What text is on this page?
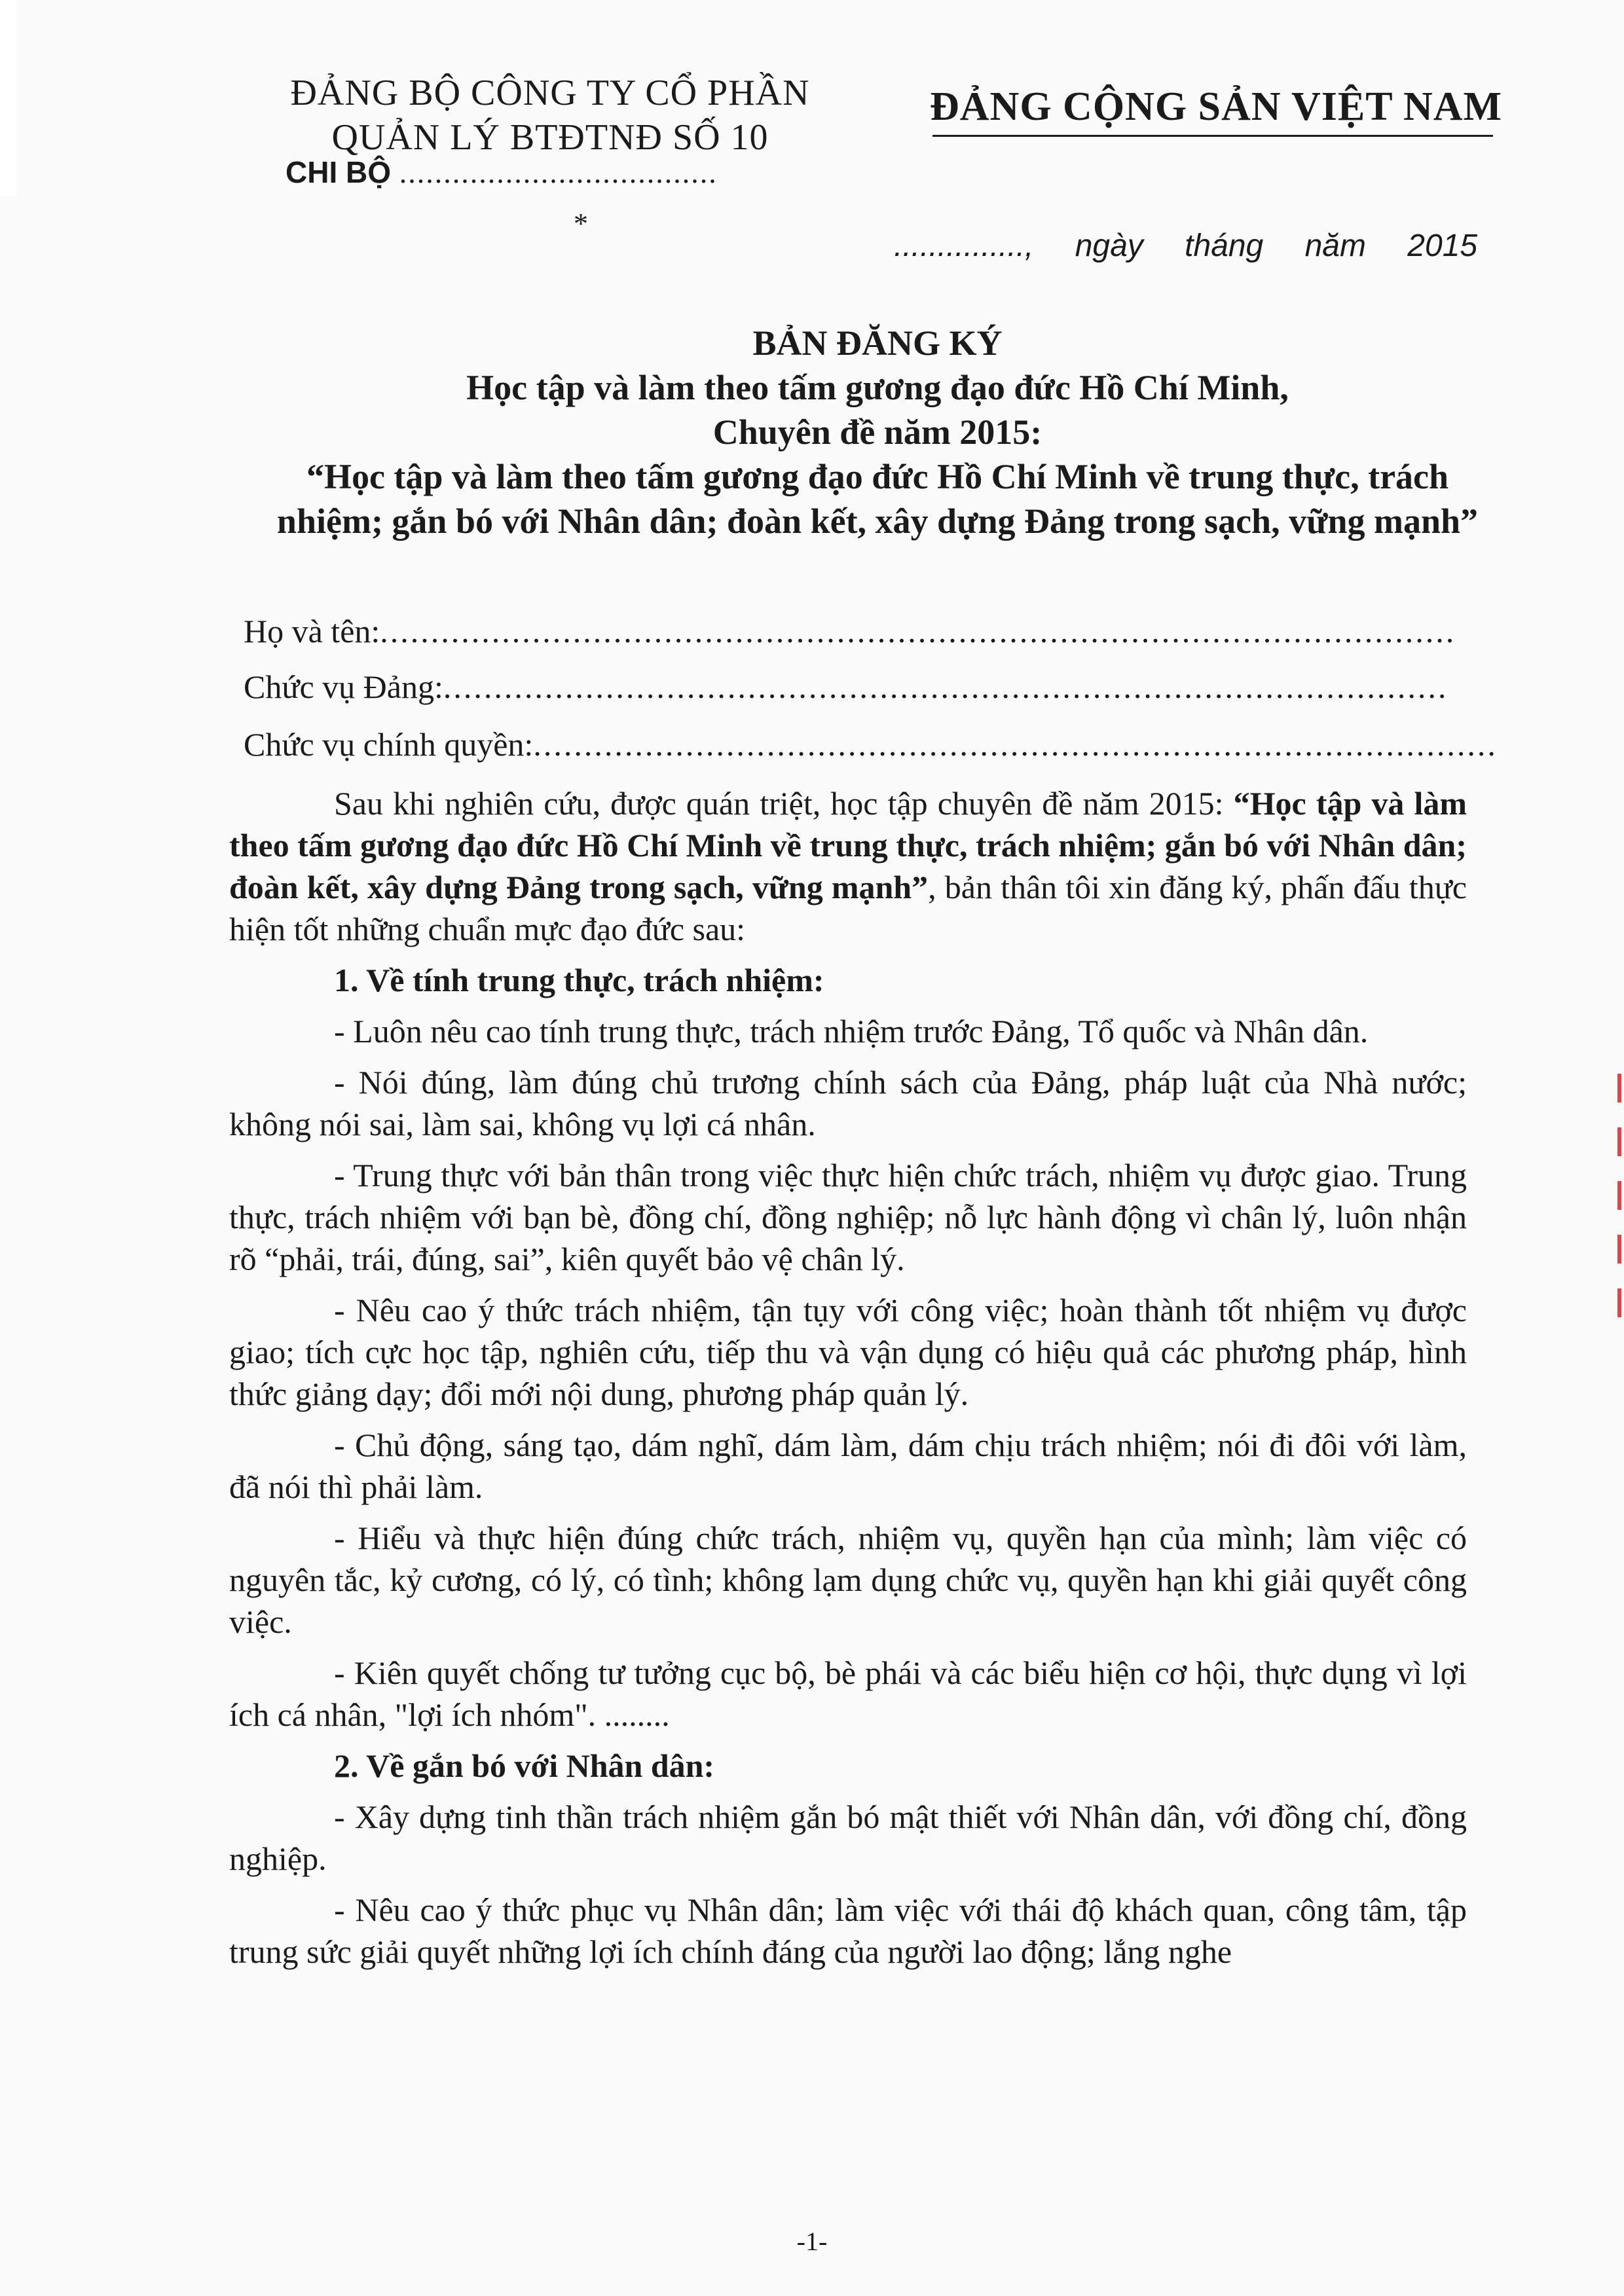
ĐẢNG BỘ CÔNG TY CỔ PHẦN
QUẢN LÝ BTĐTNĐ SỐ 10
CHI BỘ ....................................
*
ĐẢNG CỘNG SẢN VIỆT NAM
..............., ngày tháng năm 2015
BẢN ĐĂNG KÝ
Học tập và làm theo tấm gương đạo đức Hồ Chí Minh,
Chuyên đề năm 2015:
“Học tập và làm theo tấm gương đạo đức Hồ Chí Minh về trung thực, trách
nhiệm; gắn bó với Nhân dân; đoàn kết, xây dựng Đảng trong sạch, vững mạnh”
Họ và tên:..........................................................................................................
Chức vụ Đảng:...................................................................................................
Chức vụ chính quyền:...............................................................................................

Sau khi nghiên cứu, được quán triệt, học tập chuyên đề năm 2015: “Học tập và làm theo tấm gương đạo đức Hồ Chí Minh về trung thực, trách nhiệm; gắn bó với Nhân dân; đoàn kết, xây dựng Đảng trong sạch, vững mạnh”, bản thân tôi xin đăng ký, phấn đấu thực hiện tốt những chuẩn mực đạo đức sau:

1. Về tính trung thực, trách nhiệm:

- Luôn nêu cao tính trung thực, trách nhiệm trước Đảng, Tổ quốc và Nhân dân.

- Nói đúng, làm đúng chủ trương chính sách của Đảng, pháp luật của Nhà nước; không nói sai, làm sai, không vụ lợi cá nhân.

- Trung thực với bản thân trong việc thực hiện chức trách, nhiệm vụ được giao. Trung thực, trách nhiệm với bạn bè, đồng chí, đồng nghiệp; nỗ lực hành động vì chân lý, luôn nhận rõ “phải, trái, đúng, sai”, kiên quyết bảo vệ chân lý.

- Nêu cao ý thức trách nhiệm, tận tụy với công việc; hoàn thành tốt nhiệm vụ được giao; tích cực học tập, nghiên cứu, tiếp thu và vận dụng có hiệu quả các phương pháp, hình thức giảng dạy; đổi mới nội dung, phương pháp quản lý.

- Chủ động, sáng tạo, dám nghĩ, dám làm, dám chịu trách nhiệm; nói đi đôi với làm, đã nói thì phải làm.

- Hiểu và thực hiện đúng chức trách, nhiệm vụ, quyền hạn của mình; làm việc có nguyên tắc, kỷ cương, có lý, có tình; không lạm dụng chức vụ, quyền hạn khi giải quyết công việc.

- Kiên quyết chống tư tưởng cục bộ, bè phái và các biểu hiện cơ hội, thực dụng vì lợi ích cá nhân, "lợi ích nhóm". ........

2. Về gắn bó với Nhân dân:

- Xây dựng tinh thần trách nhiệm gắn bó mật thiết với Nhân dân, với đồng chí, đồng nghiệp.

- Nêu cao ý thức phục vụ Nhân dân; làm việc với thái độ khách quan, công tâm, tập trung sức giải quyết những lợi ích chính đáng của người lao động; lắng nghe

-1-
